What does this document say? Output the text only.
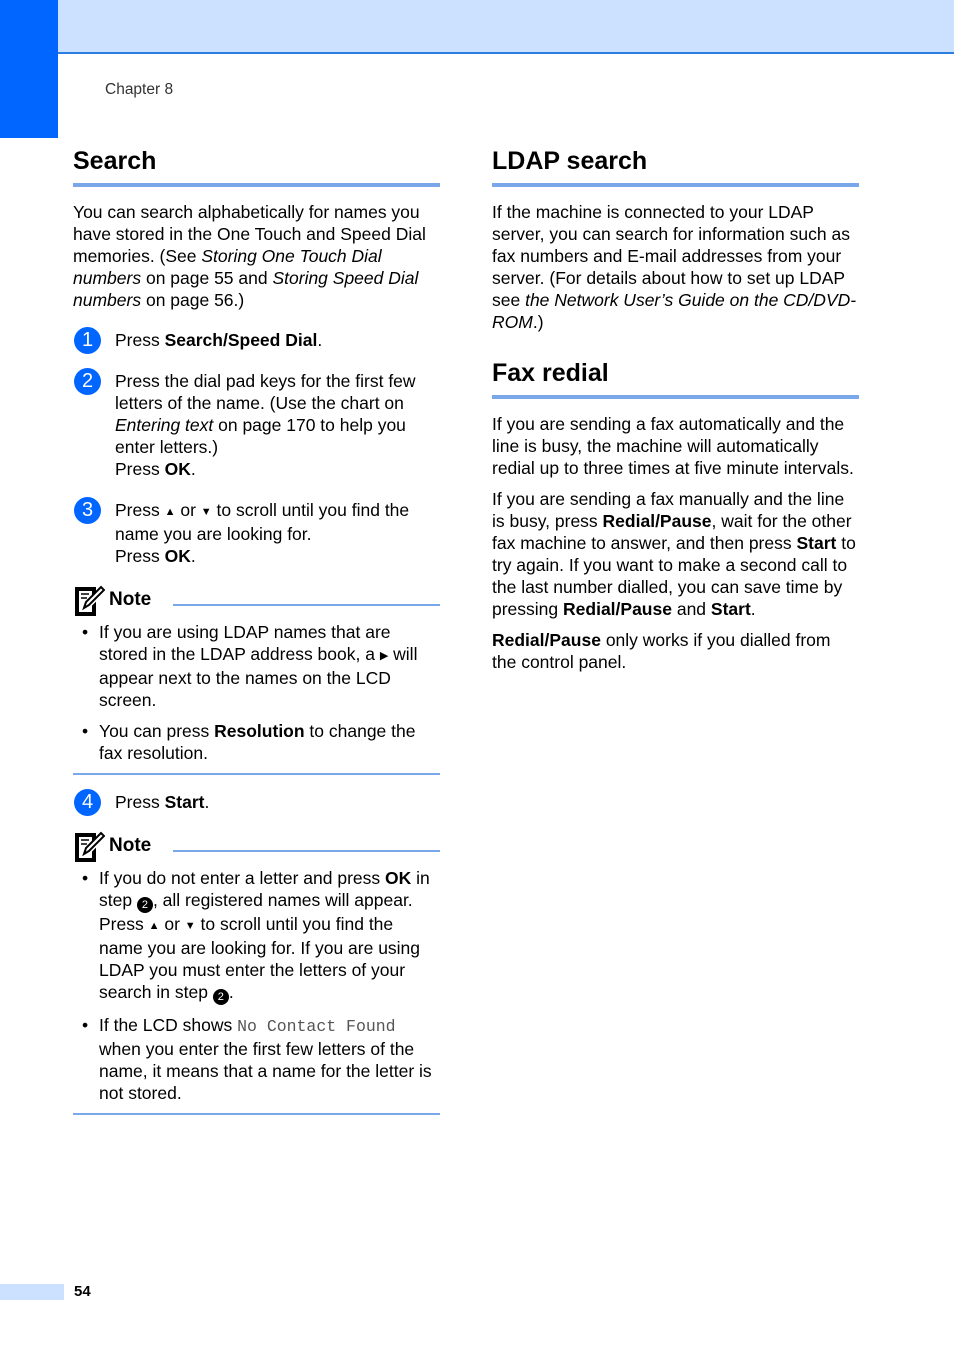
Chapter 8
Search

You can search alphabetically for names you have stored in the One Touch and Speed Dial memories. (See Storing One Touch Dial numbers on page 55 and Storing Speed Dial numbers on page 56.)

1	Press Search/Speed Dial.
2	Press the dial pad keys for the first few letters of the name. (Use the chart on Entering text on page 170 to help you enter letters.)
Press OK.
3	Press ▲ or ▼ to scroll until you find the name you are looking for.
Press OK.
Note
• If you are using LDAP names that are stored in the LDAP address book, a ▶ will appear next to the names on the LCD screen.
• You can press Resolution to change the fax resolution.
4	Press Start.
Note
• If you do not enter a letter and press OK in step 2 , all registered names will appear. Press ▲ or ▼ to scroll until you find the name you are looking for. If you are using LDAP you must enter the letters of your search in step 2 .
• If the LCD shows No Contact Found when you enter the first few letters of the name, it means that a name for the letter is not stored.
LDAP search

If the machine is connected to your LDAP server, you can search for information such as fax numbers and E-mail addresses from your server. (For details about how to set up LDAP see the Network User’s Guide on the CD/DVD-ROM.)

Fax redial

If you are sending a fax automatically and the line is busy, the machine will automatically redial up to three times at five minute intervals.

If you are sending a fax manually and the line is busy, press Redial/Pause, wait for the other fax machine to answer, and then press Start to try again. If you want to make a second call to the last number dialled, you can save time by pressing Redial/Pause and Start.

Redial/Pause only works if you dialled from the control panel.

54
